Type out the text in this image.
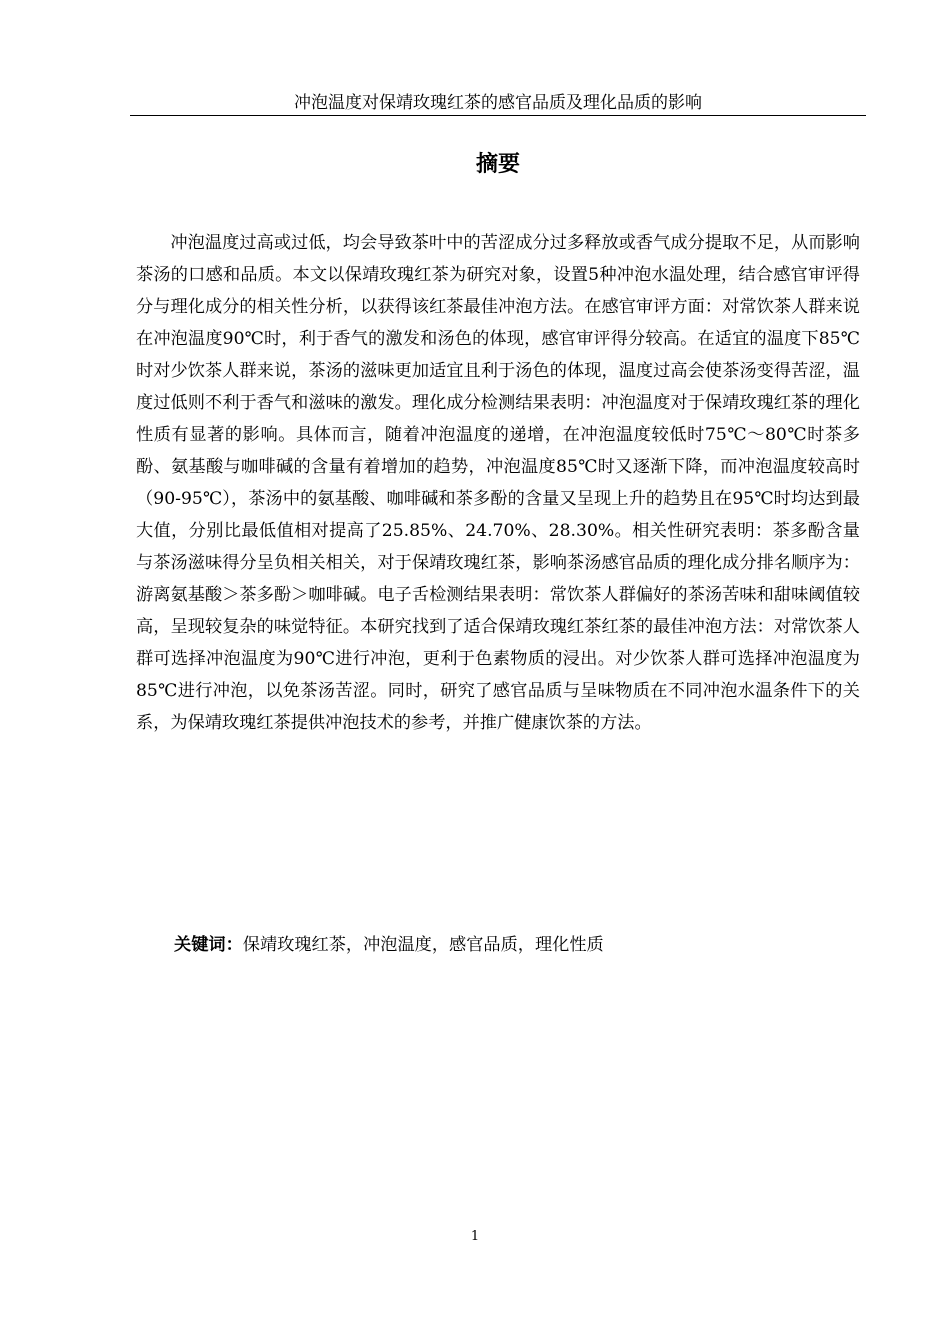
冲泡温度对保靖玫瑰红茶的感官品质及理化品质的影响
摘要

冲泡温度过高或过低，均会导致茶叶中的苦涩成分过多释放或香气成分提取不足，从而影响茶汤的口感和品质。本文以保靖玫瑰红茶为研究对象，设置5种冲泡水温处理，结合感官审评得分与理化成分的相关性分析，以获得该红茶最佳冲泡方法。在感官审评方面：对常饮茶人群来说在冲泡温度90℃时，利于香气的激发和汤色的体现，感官审评得分较高。在适宜的温度下85℃时对少饮茶人群来说，茶汤的滋味更加适宜且利于汤色的体现，温度过高会使茶汤变得苦涩，温度过低则不利于香气和滋味的激发。理化成分检测结果表明：冲泡温度对于保靖玫瑰红茶的理化性质有显著的影响。具体而言，随着冲泡温度的递增，在冲泡温度较低时75℃～80℃时茶多酚、氨基酸与咖啡碱的含量有着增加的趋势，冲泡温度85℃时又逐渐下降，而冲泡温度较高时（90-95℃），茶汤中的氨基酸、咖啡碱和茶多酚的含量又呈现上升的趋势且在95℃时均达到最大值，分别比最低值相对提高了25.85%、24.70%、28.30%。相关性研究表明：茶多酚含量与茶汤滋味得分呈负相关相关，对于保靖玫瑰红茶，影响茶汤感官品质的理化成分排名顺序为：游离氨基酸＞茶多酚＞咖啡碱。电子舌检测结果表明：常饮茶人群偏好的茶汤苦味和甜味阈值较高，呈现较复杂的味觉特征。本研究找到了适合保靖玫瑰红茶红茶的最佳冲泡方法：对常饮茶人群可选择冲泡温度为90℃进行冲泡，更利于色素物质的浸出。对少饮茶人群可选择冲泡温度为85℃进行冲泡，以免茶汤苦涩。同时，研究了感官品质与呈味物质在不同冲泡水温条件下的关系，为保靖玫瑰红茶提供冲泡技术的参考，并推广健康饮茶的方法。

关键词：保靖玫瑰红茶，冲泡温度，感官品质，理化性质
1
